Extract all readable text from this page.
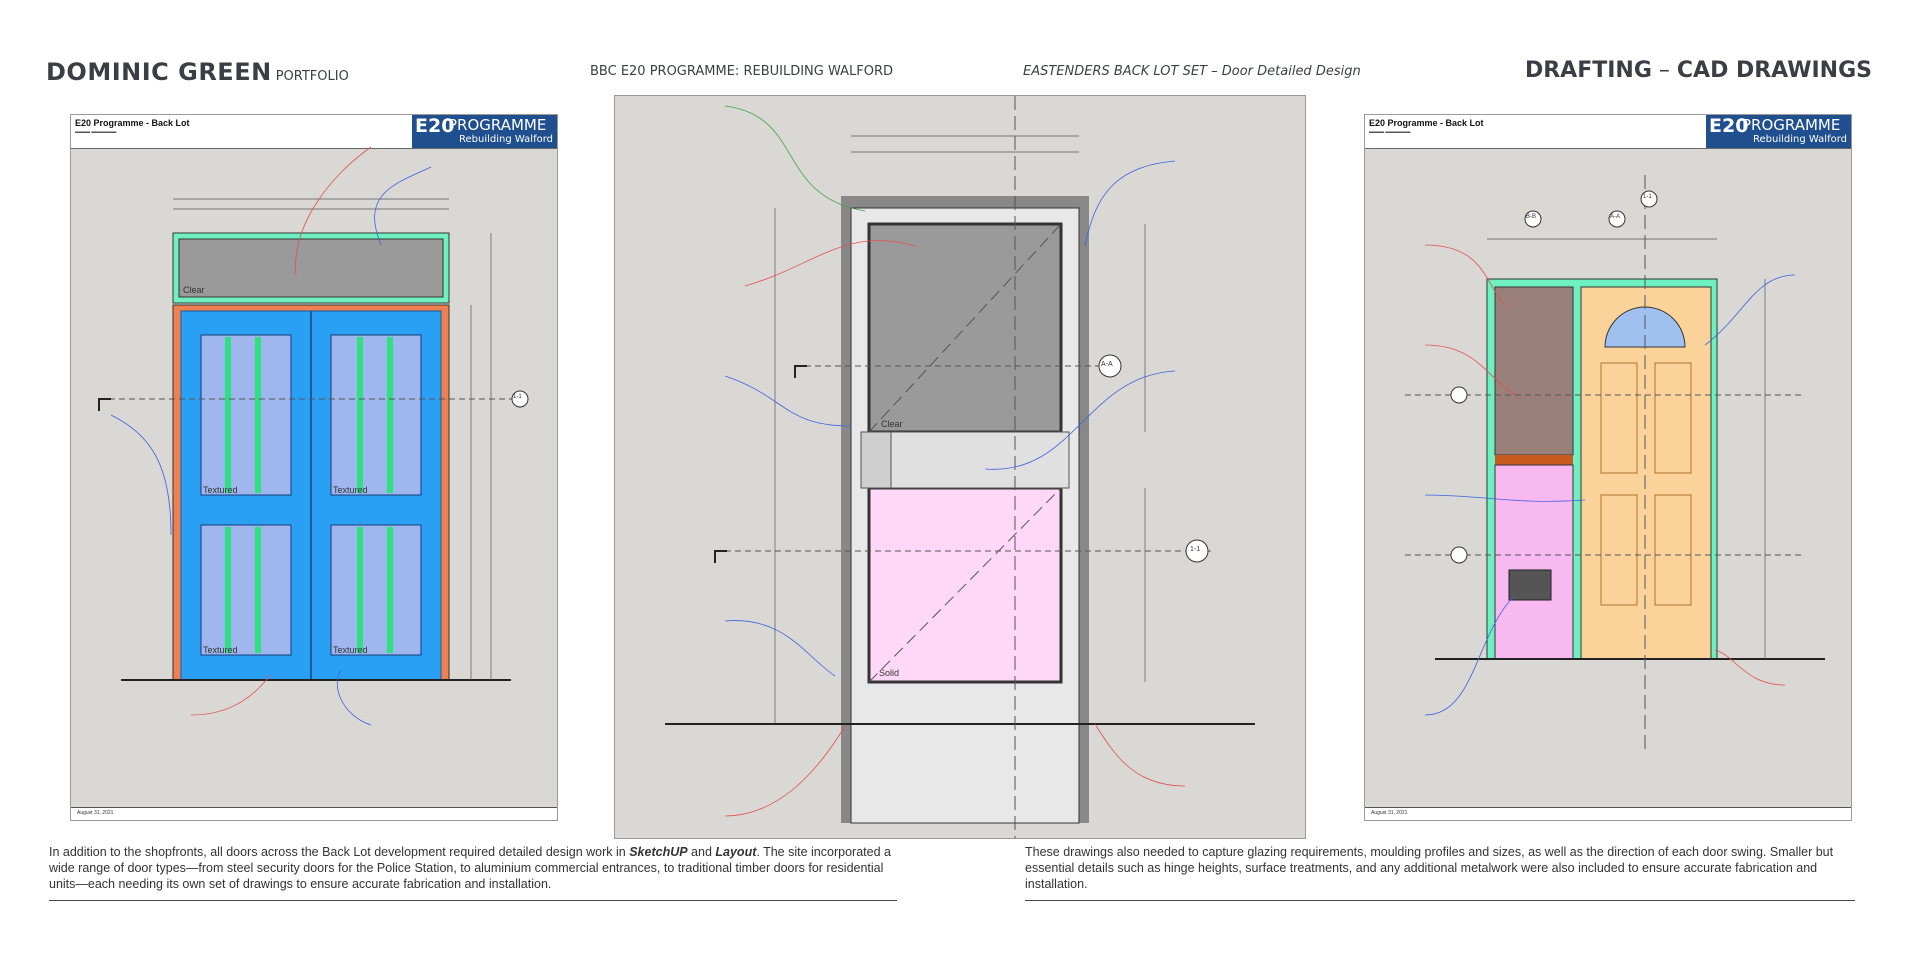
DOMINIC GREEN PORTFOLIO	BBC E20 PROGRAMME: REBUILDING WALFORD	EASTENDERS BACK LOT SET – Door Detailed Design	DRAFTING – CAD DRAWINGS
E20 Programme - Back Lot
▬▬▬ ▬▬▬▬▬	E20
PROGRAMME
Rebuilding Walford
Clear
Textured	Textured
Textured	Textured
1-1
August 31, 2021
Clear
Solid
A-A
1-1
E20 Programme - Back Lot
▬▬▬ ▬▬▬▬▬	E20
PROGRAMME
Rebuilding Walford
B-B	A-A
1-1
August 31, 2021
In addition to the shopfronts, all doors across the Back Lot development required detailed design work in SketchUP and Layout. The site incorporated a wide range of door types—from steel security doors for the Police Station, to aluminium commercial entrances, to traditional timber doors for residential units—each needing its own set of drawings to ensure accurate fabrication and installation.
These drawings also needed to capture glazing requirements, moulding profiles and sizes, as well as the direction of each door swing. Smaller but essential details such as hinge heights, surface treatments, and any additional metalwork were also included to ensure accurate fabrication and installation.
